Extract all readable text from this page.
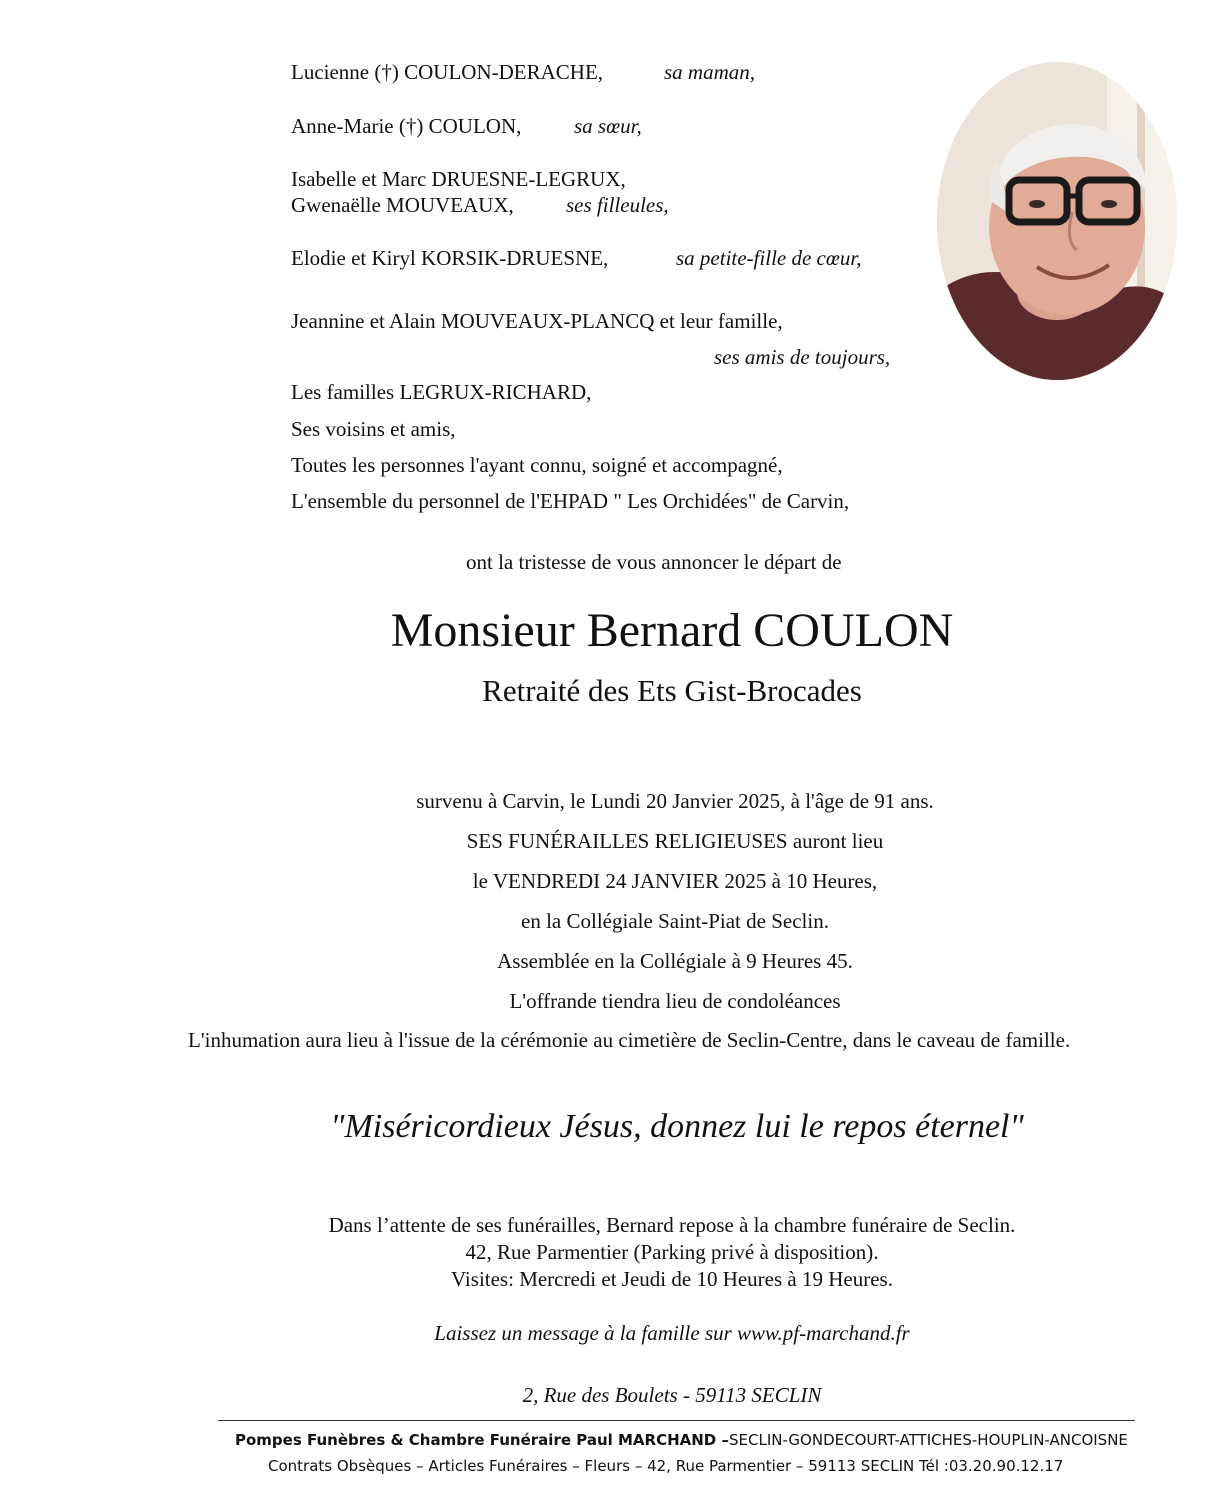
Lucienne (†) COULON-DERACHE,	sa maman,
Anne-Marie (†) COULON,	sa sœur,
Isabelle et Marc DRUESNE-LEGRUX,
Gwenaëlle MOUVEAUX, ses filleules,
Elodie et Kiryl KORSIK-DRUESNE,	sa petite-fille de cœur,
Jeannine et Alain MOUVEAUX-PLANCQ et leur famille,
ses amis de toujours,
Les familles LEGRUX-RICHARD,
Ses voisins et amis,
Toutes les personnes l'ayant connu, soigné et accompagné,
L'ensemble du personnel de l'EHPAD " Les Orchidées" de Carvin,
ont la tristesse de vous annoncer le départ de
Monsieur Bernard COULON
Retraité des Ets Gist-Brocades
survenu à Carvin, le Lundi 20 Janvier 2025, à l'âge de 91 ans.
SES FUNÉRAILLES RELIGIEUSES auront lieu
le VENDREDI 24 JANVIER 2025 à 10 Heures,
en la Collégiale Saint-Piat de Seclin.
Assemblée en la Collégiale à 9 Heures 45.
L'offrande tiendra lieu de condoléances
L'inhumation aura lieu à l'issue de la cérémonie au cimetière de Seclin-Centre, dans le caveau de famille.
"Miséricordieux Jésus, donnez lui le repos éternel"
Dans l’attente de ses funérailles, Bernard repose à la chambre funéraire de Seclin.
42, Rue Parmentier (Parking privé à disposition).
Visites: Mercredi et Jeudi de 10 Heures à 19 Heures.
Laissez un message à la famille sur www.pf-marchand.fr
2, Rue des Boulets - 59113 SECLIN
Pompes Funèbres & Chambre Funéraire Paul MARCHAND –SECLIN-GONDECOURT-ATTICHES-HOUPLIN-ANCOISNE
Contrats Obsèques – Articles Funéraires – Fleurs – 42, Rue Parmentier – 59113 SECLIN Tél :03.20.90.12.17
